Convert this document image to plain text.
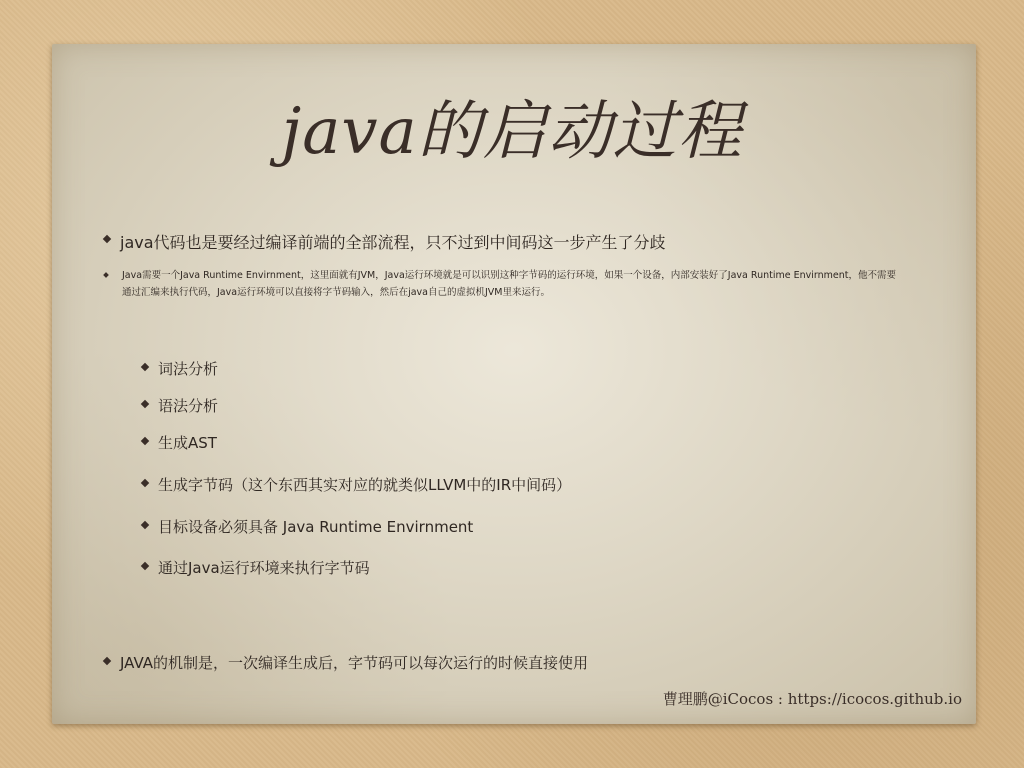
java的启动过程
java代码也是要经过编译前端的全部流程，只不过到中间码这一步产生了分歧
Java需要一个Java Runtime Envirnment，这里面就有JVM，Java运行环境就是可以识别这种字节码的运行环境，如果一个设备，内部安装好了Java Runtime Envirnment，他不需要通过汇编来执行代码，Java运行环境可以直接将字节码输入，然后在java自己的虚拟机JVM里来运行。
词法分析
语法分析
生成AST
生成字节码（这个东西其实对应的就类似LLVM中的IR中间码）
目标设备必须具备 Java Runtime Envirnment
通过Java运行环境来执行字节码
JAVA的机制是，一次编译生成后，字节码可以每次运行的时候直接使用
曹理鹏@iCocos : https://icocos.github.io
